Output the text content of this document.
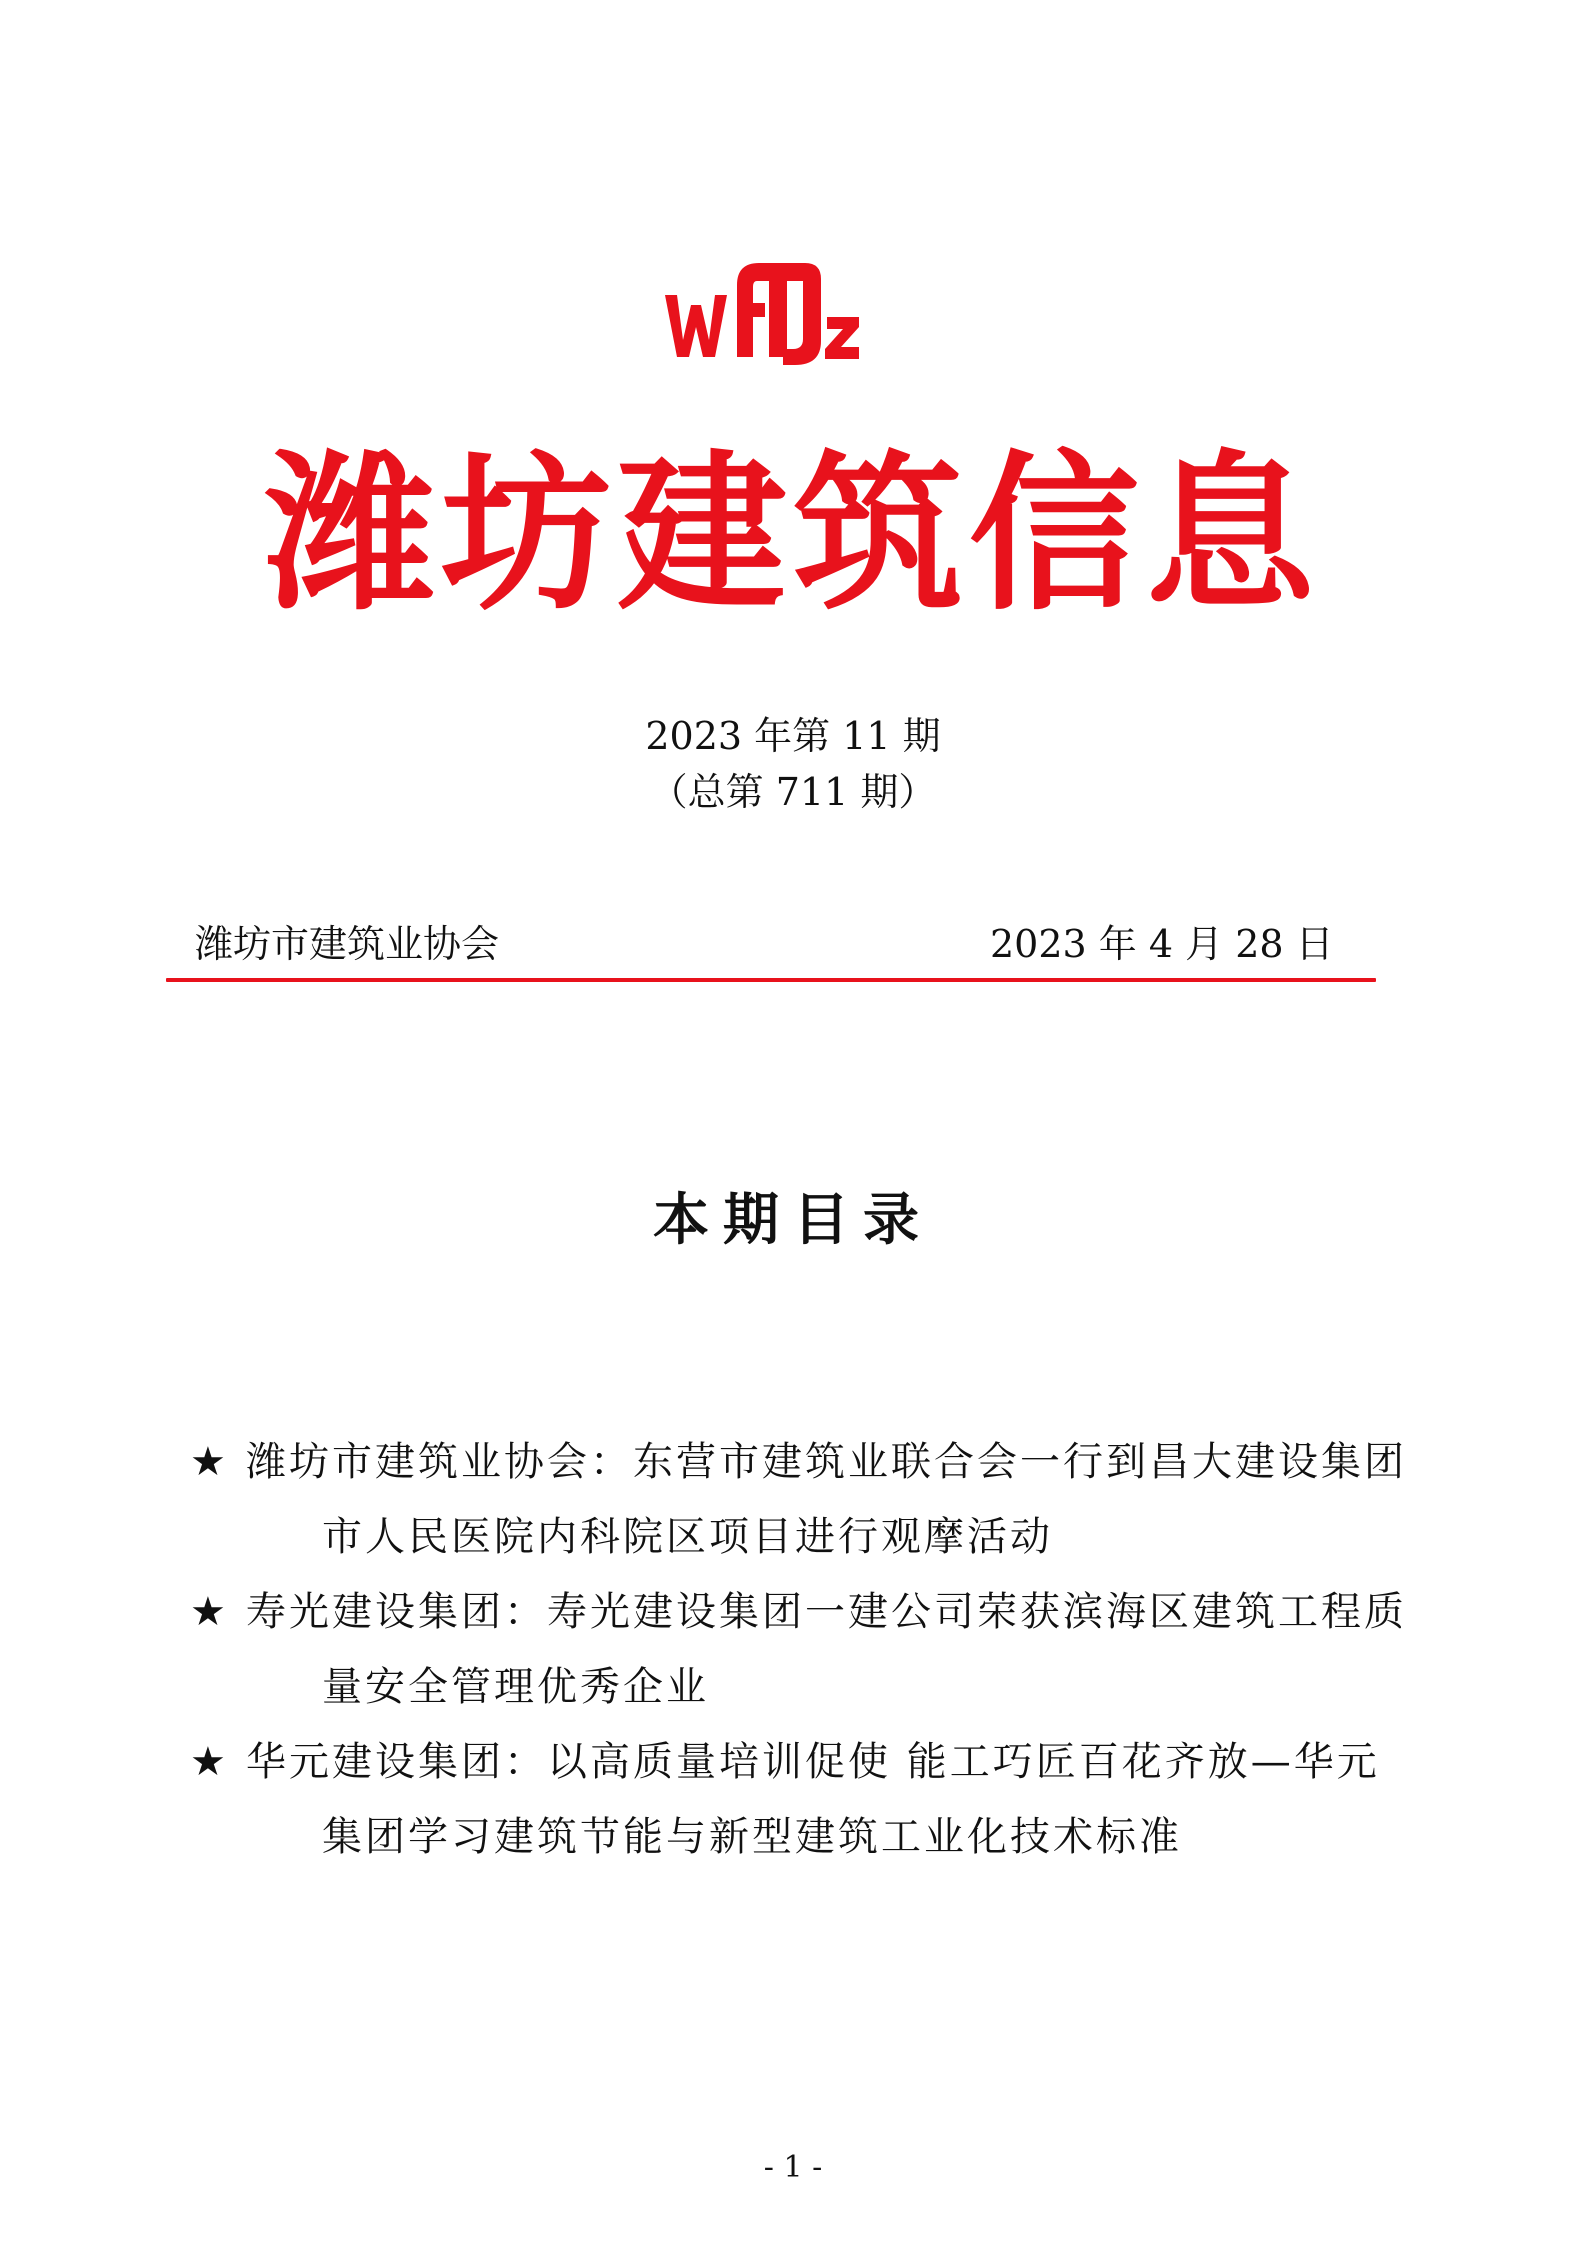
潍坊建筑信息
2023 年第 11 期
（总第 711 期）
潍坊市建筑业协会	2023 年 4 月 28 日
本期目录
★ 潍坊市建筑业协会：东营市建筑业联合会一行到昌大建设集团
市人民医院内科院区项目进行观摩活动
★ 寿光建设集团：寿光建设集团一建公司荣获滨海区建筑工程质
量安全管理优秀企业
★ 华元建设集团：以高质量培训促使 能工巧匠百花齐放—华元
集团学习建筑节能与新型建筑工业化技术标准
- 1 -
